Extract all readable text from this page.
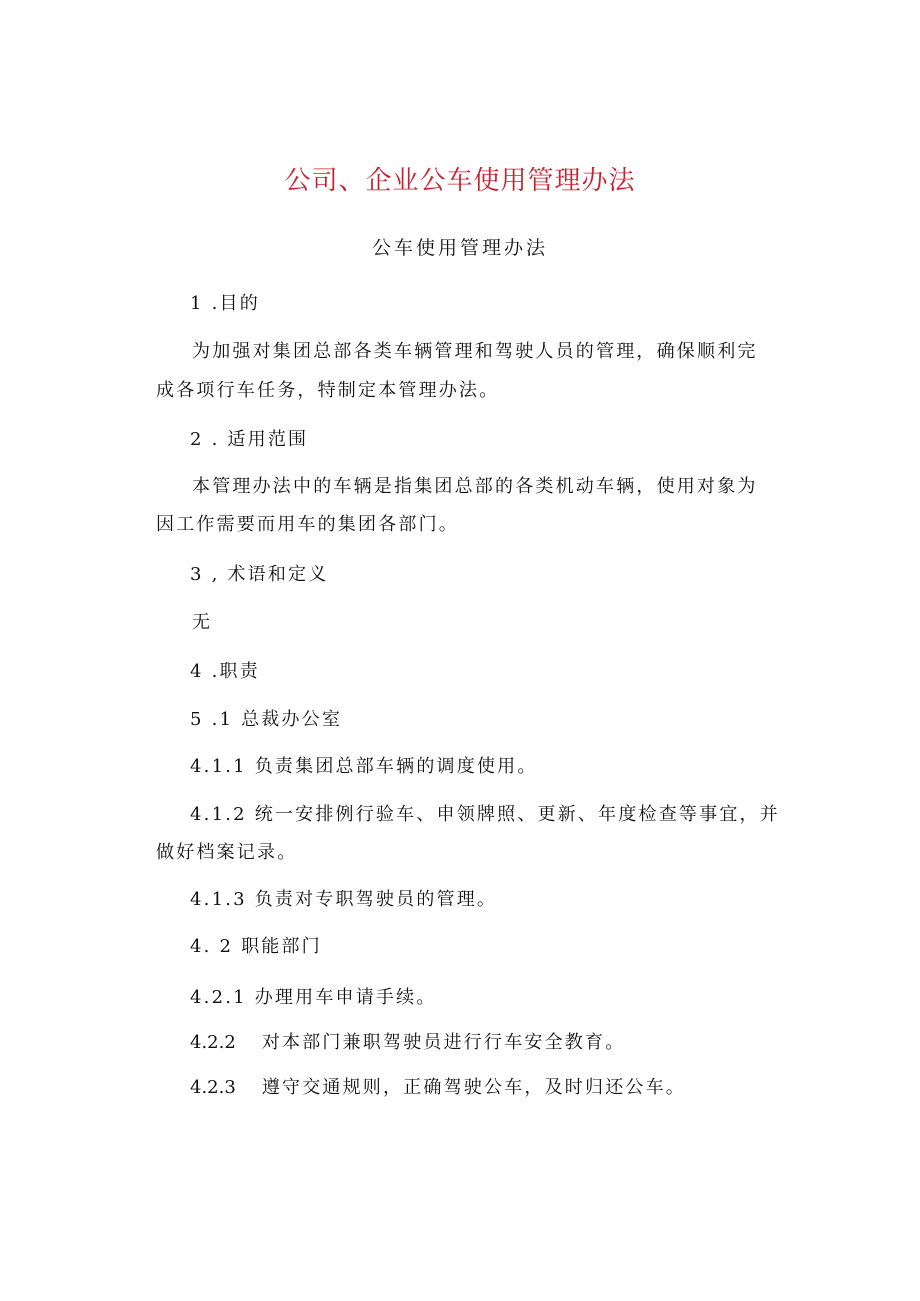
公司、企业公车使用管理办法
公车使用管理办法
1 .目的
为加强对集团总部各类车辆管理和驾驶人员的管理，确保顺利完
成各项行车任务，特制定本管理办法。
2 . 适用范围
本管理办法中的车辆是指集团总部的各类机动车辆，使用对象为
因工作需要而用车的集团各部门。
3 , 术语和定义
无
4 .职责
5 .1 总裁办公室
4.1.1 负责集团总部车辆的调度使用。
4.1.2 统一安排例行验车、申领牌照、更新、年度检查等事宜，并
做好档案记录。
4.1.3 负责对专职驾驶员的管理。
4. 2 职能部门
4.2.1 办理用车申请手续。
4.2.2 对本部门兼职驾驶员进行行车安全教育。
4.2.3 遵守交通规则，正确驾驶公车，及时归还公车。
